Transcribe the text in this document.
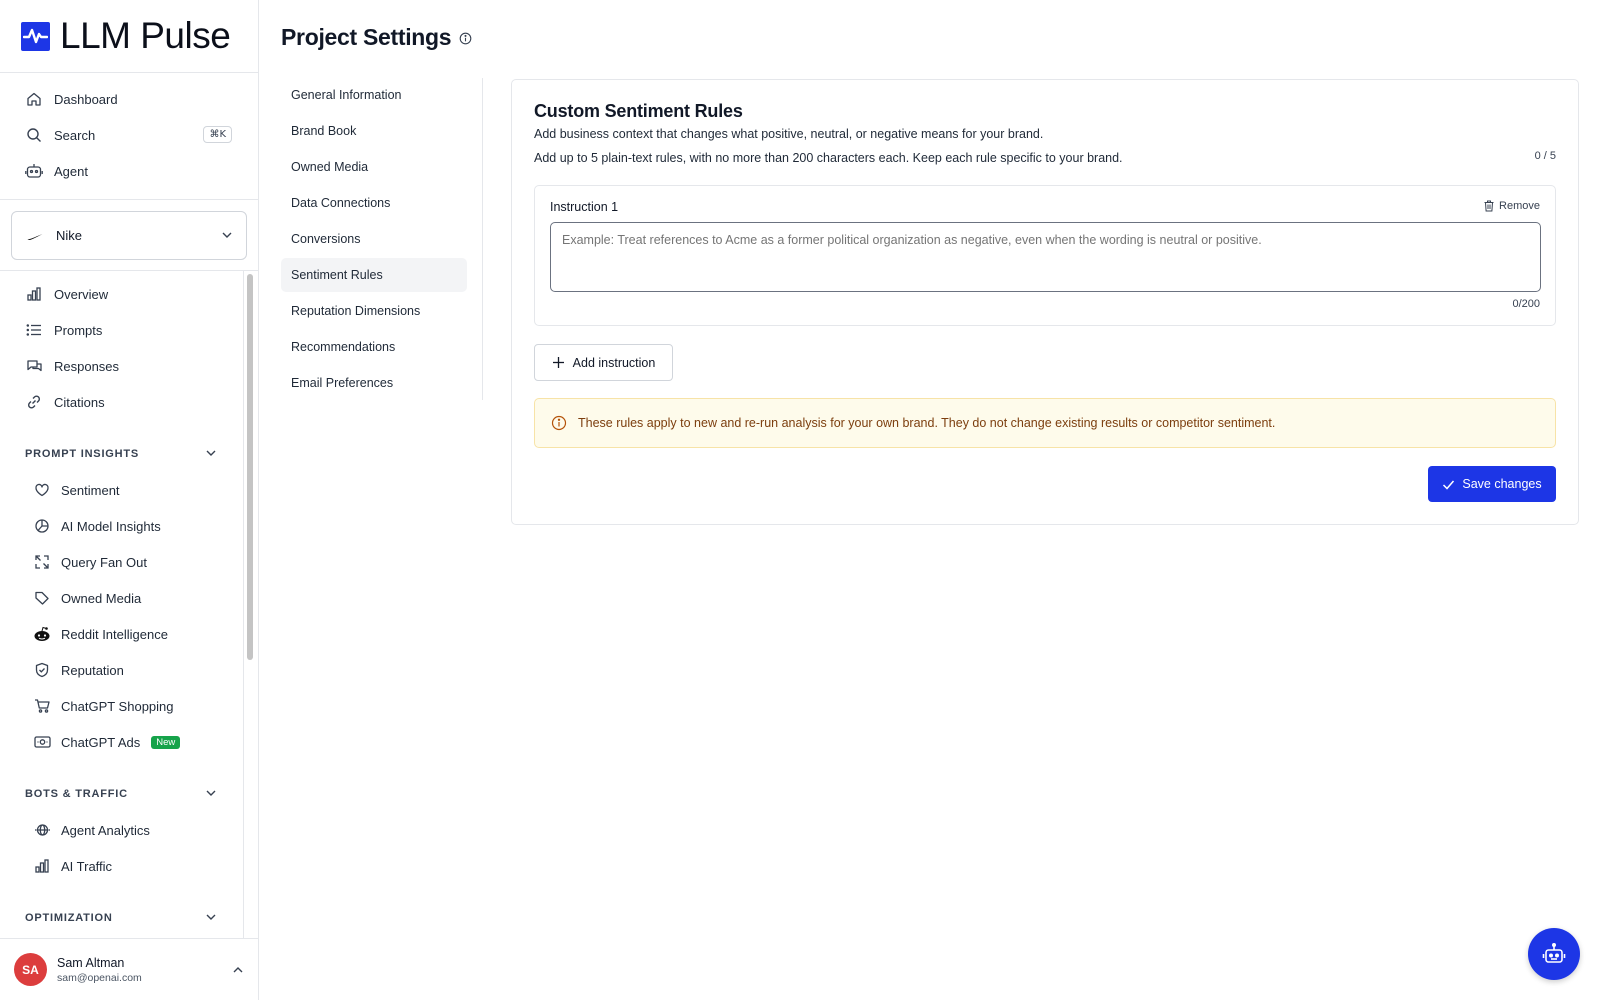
LLM Pulse
Dashboard
Search	⌘K
Agent
Nike
Overview
Prompts
Responses
Citations
PROMPT INSIGHTS
Sentiment
AI Model Insights
Query Fan Out
Owned Media
Reddit Intelligence
Reputation
ChatGPT Shopping
ChatGPT Ads	New
BOTS & TRAFFIC
Agent Analytics
AI Traffic
OPTIMIZATION
SA	Sam Altman
sam@openai.com
Project Settings
General Information
Brand Book
Owned Media
Data Connections
Conversions
Sentiment Rules
Reputation Dimensions
Recommendations
Email Preferences
Custom Sentiment Rules

Add business context that changes what positive, neutral, or negative means for your brand.

Add up to 5 plain-text rules, with no more than 200 characters each. Keep each rule specific to your brand.	0 / 5
Instruction 1	Remove
Example: Treat references to Acme as a former political organization as negative, even when the wording is neutral or positive.
0/200
Add instruction
These rules apply to new and re-run analysis for your own brand. They do not change existing results or competitor sentiment.
Save changes
